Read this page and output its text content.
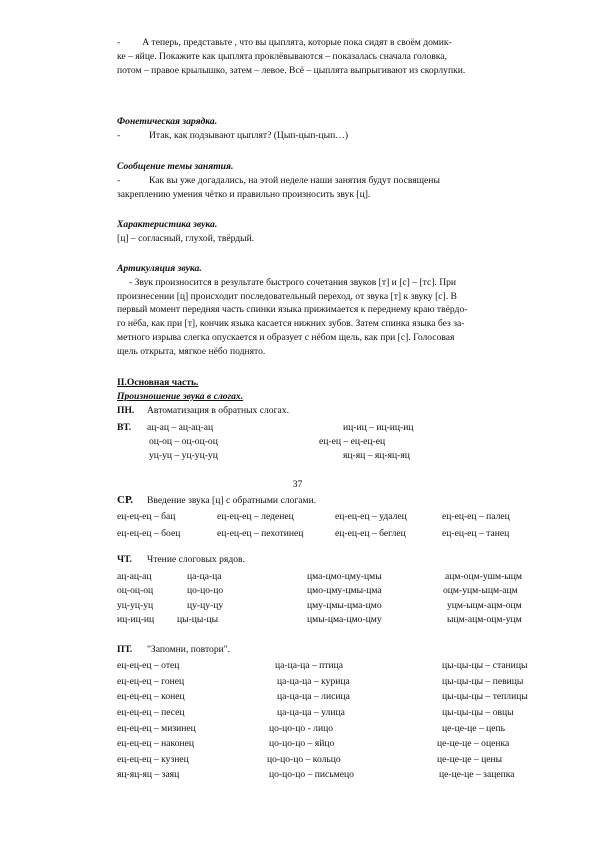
- А теперь, представьте , что вы цыплята, которые пока сидят в своём домик-

ке – яйце. Покажите как цыплята проклёвываются – показалась сначала головка,

потом – правое крылышко, затем – левое. Всё – цыплята выпрыгивают из скорлупки.

Фонетическая зарядка.

-	Итак, как подзывают цыплят? (Цып-цып-цып…)

Сообщение темы занятия.

-	Как вы уже догадались, на этой неделе наши занятия будут посвящены

закреплению умения чётко и правильно произносить звук [ц].

Характеристика звука.

[ц] – согласный, глухой, твёрдый.

Артикуляция звука.

- Звук произносится в результате быстрого сочетания звуков [т] и [с] – [тс]. При

произнесении [ц] происходит последовательный переход, от звука [т] к звуку [с]. В

первый момент передняя часть спинки языка прижимается к переднему краю твёрдо-

го нёба, как при [т], кончик языка касается нижних зубов. Затем спинка языка без за-

метного изрыва слегка опускается и образует с нёбом щель, как при [с]. Голосовая

щель открыта, мягкое нёбо поднято.

II.Основная часть.

Произношение звука в слогах.

ПН. Автоматизация в обратных слогах.
ВТ. ац-ац – ац-ац-ац	иц-иц – иц-иц-иц
оц-оц – оц-оц-оц	ец-ец – ец-ец-ец
уц-уц – уц-уц-уц	яц-яц – яц-яц-яц
37
СР. Введение звука [ц] с обратными слогами.
ец-ец-ец – бац	ец-ец-ец – леденец	ец-ец-ец – удалец	ец-ец-ец – палец
ец-ец-ец – боец	ец-ец-ец – пехотинец	ец-ец-ец – беглец	ец-ец-ец – танец
ЧТ. Чтение слоговых рядов.
ац-ац-ац	ца-ца-ца	цма-цмо-цму-цмы	ацм-оцм-ушм-ыцм
оц-оц-оц	цо-цо-цо	цмо-цму-цмы-цма	оцм-уцм-ыцм-ацм
уц-уц-уц	цу-цу-цу	цму-цмы-цма-цмо	уцм-ыцм-ацм-оцм
иц-иц-иц цы-цы-цы	цмы-цма-цмо-цму	ыцм-ацм-оцм-уцм
ПТ. "Запомни, повтори".
ец-ец-ец – отец	ца-ца-ца – птица	цы-цы-цы – станицы
ец-ец-ец – гонец	ца-ца-ца – курица	цы-цы-цы – певицы
ец-ец-ец – конец	ца-ца-ца – лисица	цы-цы-цы – теплицы
ец-ец-ец – песец	ца-ца-ца – улица	цы-цы-цы – овцы
ец-ец-ец – мизинец	цо-цо-цо - лицо	це-це-це – цепь
ец-ец-ец – наконец	цо-цо-цо – яйцо	це-це-це – оценка
ец-ец-ец – кузнец	цо-цо-цо – кольцо	це-це-це – цены
яц-яц-яц – заяц	цо-цо-цо – письмецо	це-це-це – зацепка
